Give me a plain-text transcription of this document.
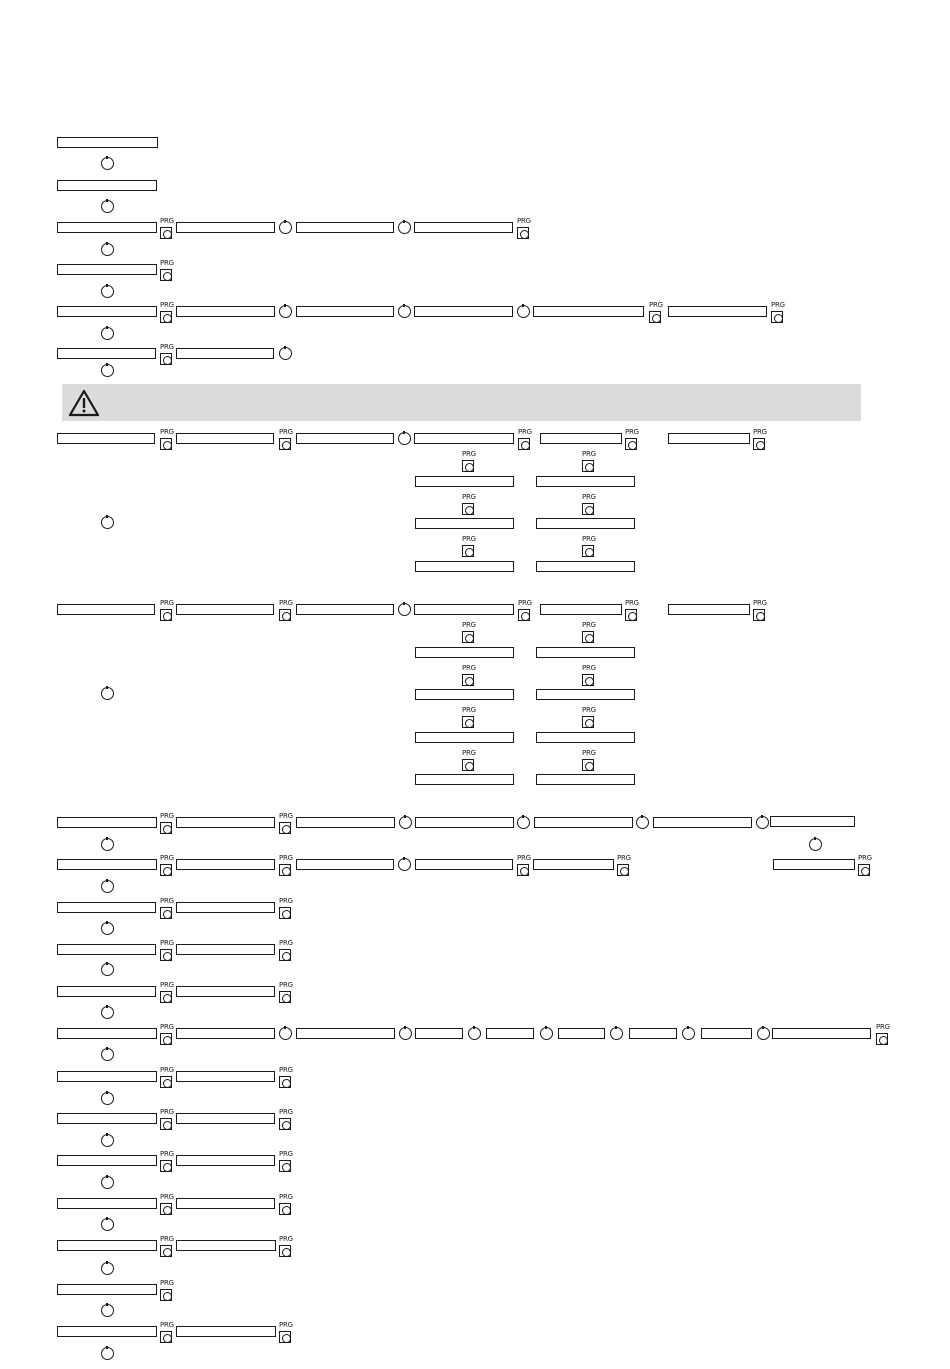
PRG	PRG
PRG
PRG	PRG	PRG
PRG
PRG	PRG	PRG	PRG	PRG
PRG	PRG
PRG	PRG
PRG	PRG
PRG	PRG	PRG	PRG	PRG
PRG	PRG
PRG	PRG
PRG	PRG
PRG	PRG
PRG	PRG
PRG	PRG	PRG	PRG	PRG
PRG	PRG
PRG	PRG
PRG	PRG
PRG	PRG
PRG	PRG
PRG	PRG
PRG	PRG
PRG	PRG
PRG	PRG
PRG
PRG	PRG
